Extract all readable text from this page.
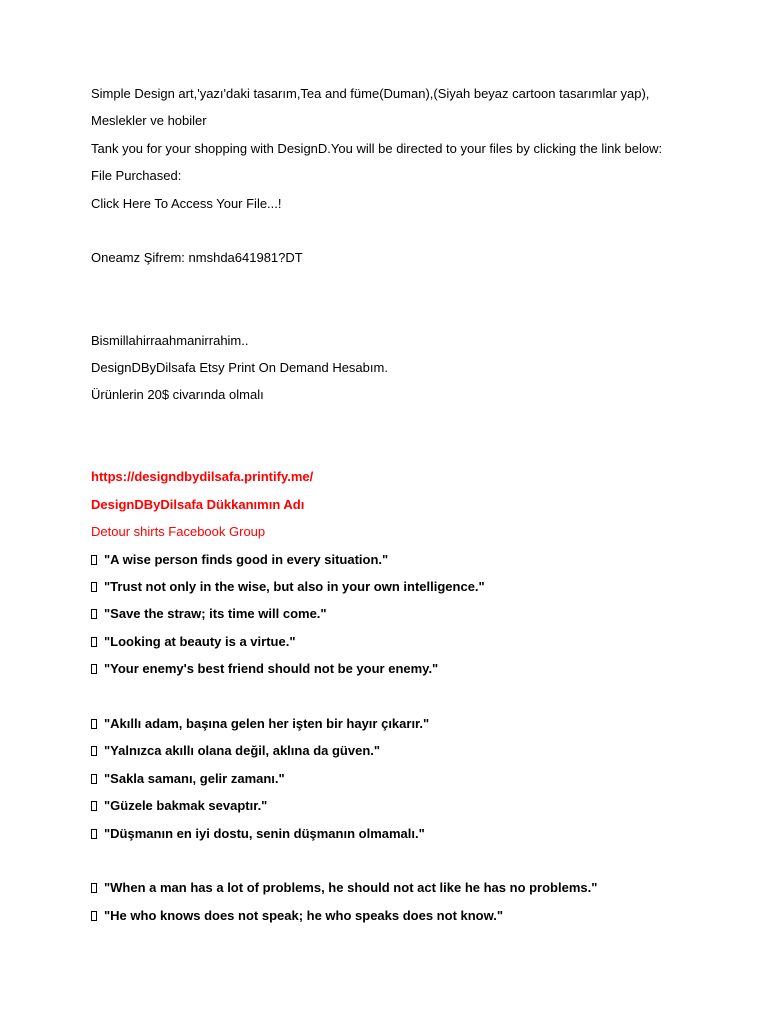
Simple Design art,'yazı'daki tasarım,Tea and füme(Duman),(Siyah beyaz cartoon tasarımlar yap),
Meslekler ve hobiler
Tank you for your shopping with DesignD.You will be directed to your files by clicking the link below:
File Purchased:
Click Here To Access Your File...!
Oneamz Şifrem: nmshda641981?DT
Bismillahirraahmanirrahim..
DesignDByDilsafa Etsy Print On Demand Hesabım.
Ürünlerin 20$ civarında olmalı
https://designdbydilsafa.printify.me/
DesignDByDilsafa Dükkanımın Adı
Detour shirts Facebook Group
"A wise person finds good in every situation."
"Trust not only in the wise, but also in your own intelligence."
"Save the straw; its time will come."
"Looking at beauty is a virtue."
"Your enemy's best friend should not be your enemy."
"Akıllı adam, başına gelen her işten bir hayır çıkarır."
"Yalnızca akıllı olana değil, aklına da güven."
"Sakla samanı, gelir zamanı."
"Güzele bakmak sevaptır."
"Düşmanın en iyi dostu, senin düşmanın olmamalı."
"When a man has a lot of problems, he should not act like he has no problems."
"He who knows does not speak; he who speaks does not know."
